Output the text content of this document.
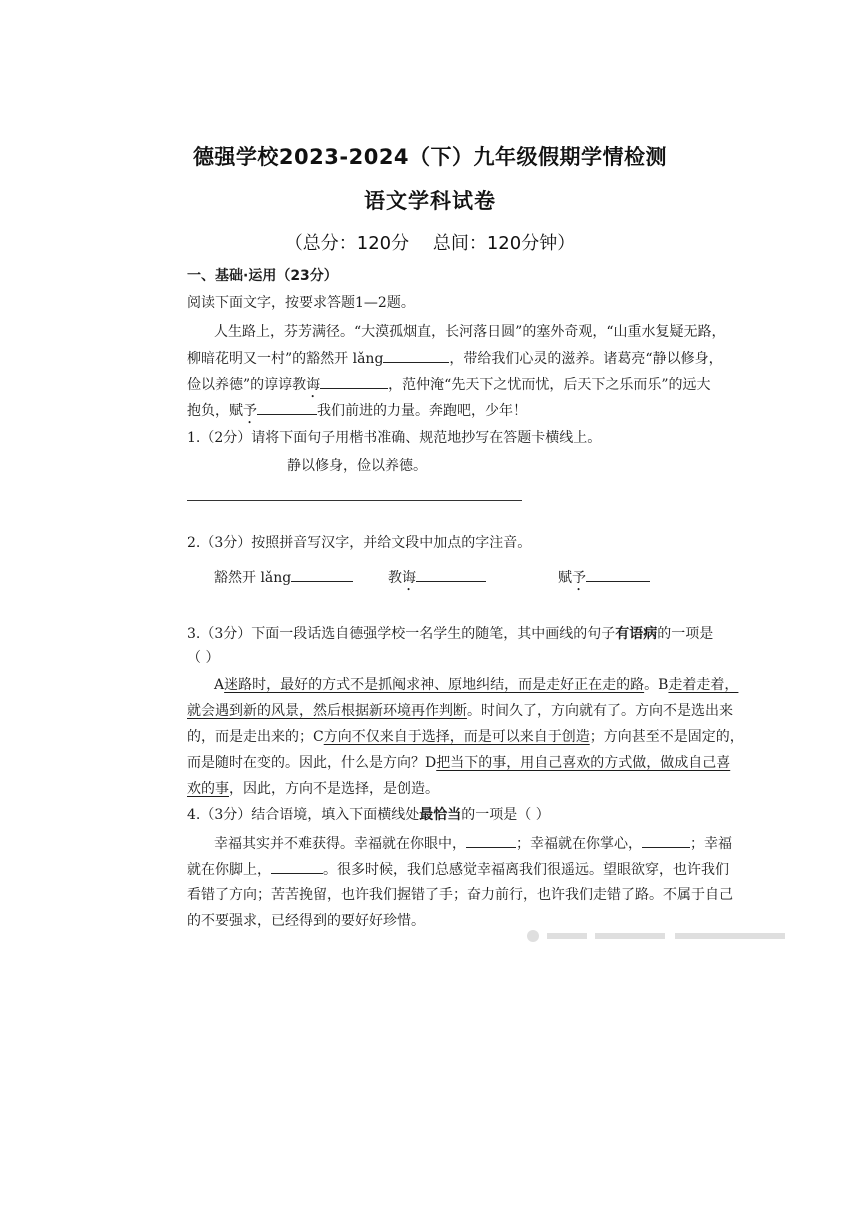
德强学校2023-2024（下）九年级假期学情检测
语文学科试卷
（总分：120分 总间：120分钟）
一、基础·运用（23分）
阅读下面文字，按要求答题1—2题。
人生路上，芬芳满径。“大漠孤烟直，长河落日圆”的塞外奇观，“山重水复疑无路，
柳暗花明又一村”的豁然开 lǎng	，带给我们心灵的滋养。诸葛亮“静以修身，
俭以养德”的谆谆教诲	，范仲淹“先天下之忧而忧，后天下之乐而乐”的远大
抱负，赋予	我们前进的力量。奔跑吧，少年！
1.（2分）请将下面句子用楷书准确、规范地抄写在答题卡横线上。
静以修身，俭以养德。
2.（3分）按照拼音写汉字，并给文段中加点的字注音。
豁然开 lǎng	教诲	赋予
3.（3分）下面一段话选自德强学校一名学生的随笔，其中画线的句子有语病的一项是
（ ）
A迷路时，最好的方式不是抓阄求神、原地纠结，而是走好正在走的路。B走着走着，
就会遇到新的风景，然后根据新环境再作判断。时间久了，方向就有了。方向不是选出来
的，而是走出来的；C方向不仅来自于选择，而是可以来自于创造；方向甚至不是固定的，
而是随时在变的。因此，什么是方向？D把当下的事，用自己喜欢的方式做，做成自己喜
欢的事，因此，方向不是选择，是创造。
4.（3分）结合语境，填入下面横线处最恰当的一项是（ ）
幸福其实并不难获得。幸福就在你眼中，	；幸福就在你掌心，	；幸福
就在你脚上，	。很多时候，我们总感觉幸福离我们很遥远。望眼欲穿，也许我们
看错了方向；苦苦挽留，也许我们握错了手；奋力前行，也许我们走错了路。不属于自己
的不要强求，已经得到的要好好珍惜。
